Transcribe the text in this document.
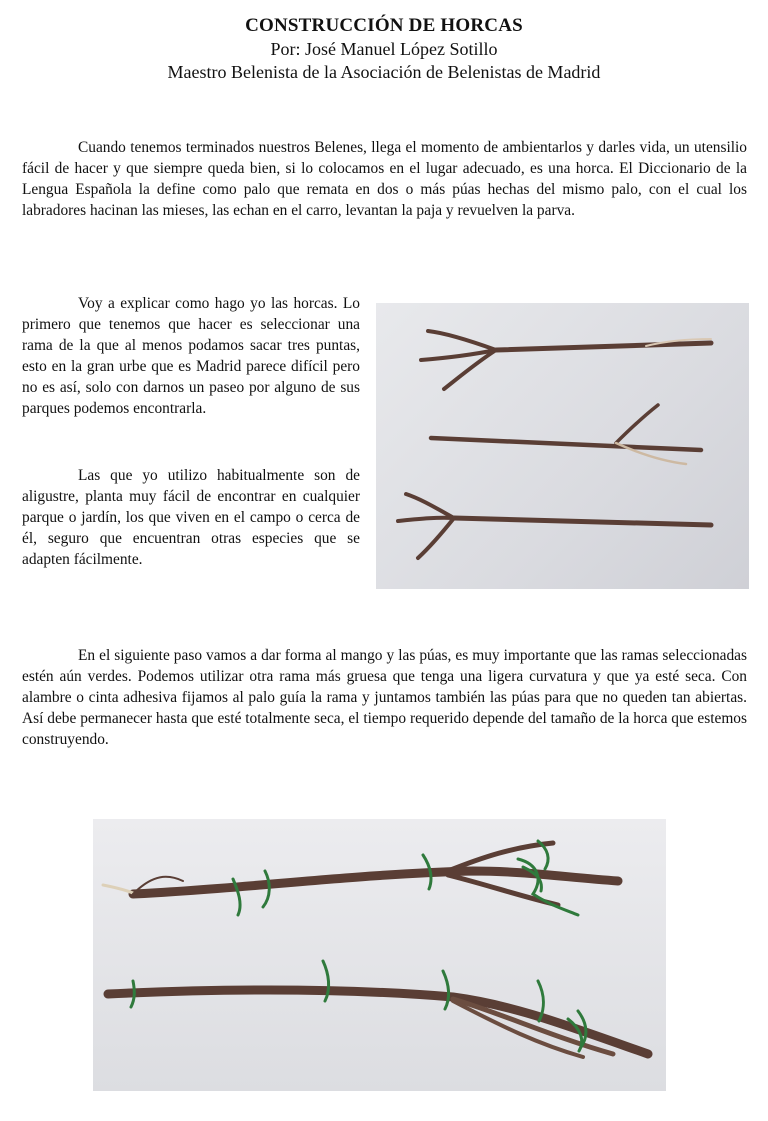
CONSTRUCCIÓN DE HORCAS
Por: José Manuel López Sotillo
Maestro Belenista de la Asociación de Belenistas de Madrid

Cuando tenemos terminados nuestros Belenes, llega el momento de ambientarlos y darles vida, un utensilio fácil de hacer y que siempre queda bien, si lo colocamos en el lugar adecuado, es una horca. El Diccionario de la Lengua Española la define como palo que remata en dos o más púas hechas del mismo palo, con el cual los labradores hacinan las mieses, las echan en el carro, levantan la paja y revuelven la parva.

Voy a explicar como hago yo las horcas. Lo primero que tenemos que hacer es seleccionar una rama de la que al menos podamos sacar tres puntas, esto en la gran urbe que es Madrid parece difícil pero no es así, solo con darnos un paseo por alguno de sus parques podemos encontrarla.

Las que yo utilizo habitualmente son de aligustre, planta muy fácil de encontrar en cualquier parque o jardín, los que viven en el campo o cerca de él, seguro que encuentran otras especies que se adapten fácilmente.

En el siguiente paso vamos a dar forma al mango y las púas, es muy importante que las ramas seleccionadas estén aún verdes. Podemos utilizar otra rama más gruesa que tenga una ligera curvatura y que ya esté seca. Con alambre o cinta adhesiva fijamos al palo guía la rama y juntamos también las púas para que no queden tan abiertas. Así debe permanecer hasta que esté totalmente seca, el tiempo requerido depende del tamaño de la horca que estemos construyendo.
